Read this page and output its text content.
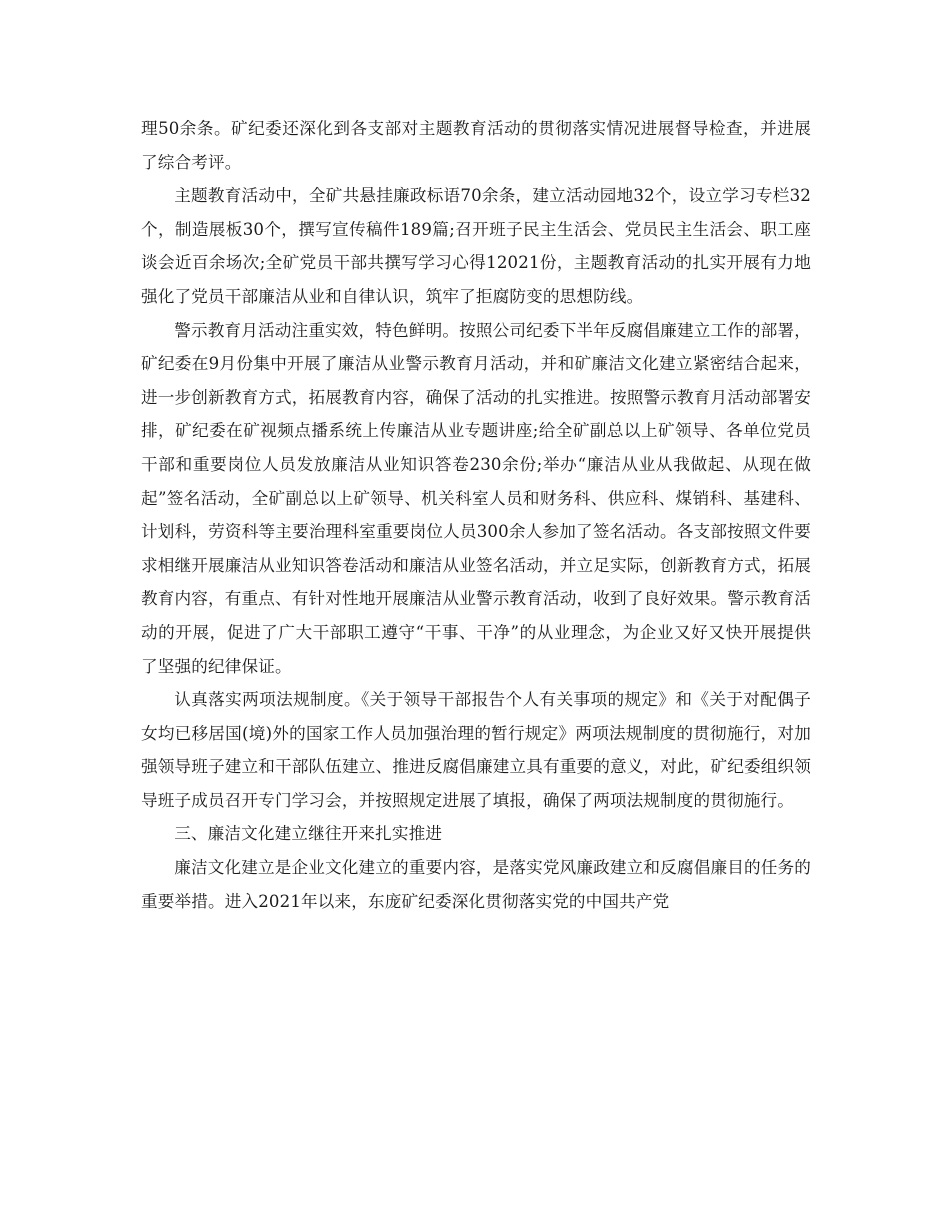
理50余条。矿纪委还深化到各支部对主题教育活动的贯彻落实情况进展督导检查，并进展了综合考评。

主题教育活动中，全矿共悬挂廉政标语70余条，建立活动园地32个，设立学习专栏32个，制造展板30个，撰写宣传稿件189篇;召开班子民主生活会、党员民主生活会、职工座谈会近百余场次;全矿党员干部共撰写学习心得12021份，主题教育活动的扎实开展有力地强化了党员干部廉洁从业和自律认识，筑牢了拒腐防变的思想防线。

警示教育月活动注重实效，特色鲜明。按照公司纪委下半年反腐倡廉建立工作的部署，矿纪委在9月份集中开展了廉洁从业警示教育月活动，并和矿廉洁文化建立紧密结合起来，进一步创新教育方式，拓展教育内容，确保了活动的扎实推进。按照警示教育月活动部署安排，矿纪委在矿视频点播系统上传廉洁从业专题讲座;给全矿副总以上矿领导、各单位党员干部和重要岗位人员发放廉洁从业知识答卷230余份;举办“廉洁从业从我做起、从现在做起”签名活动，全矿副总以上矿领导、机关科室人员和财务科、供应科、煤销科、基建科、计划科，劳资科等主要治理科室重要岗位人员300余人参加了签名活动。各支部按照文件要求相继开展廉洁从业知识答卷活动和廉洁从业签名活动，并立足实际，创新教育方式，拓展教育内容，有重点、有针对性地开展廉洁从业警示教育活动，收到了良好效果。警示教育活动的开展，促进了广大干部职工遵守“干事、干净”的从业理念，为企业又好又快开展提供了坚强的纪律保证。

认真落实两项法规制度。《关于领导干部报告个人有关事项的规定》和《关于对配偶子女均已移居国(境)外的国家工作人员加强治理的暂行规定》两项法规制度的贯彻施行，对加强领导班子建立和干部队伍建立、推进反腐倡廉建立具有重要的意义，对此，矿纪委组织领导班子成员召开专门学习会，并按照规定进展了填报，确保了两项法规制度的贯彻施行。

三、廉洁文化建立继往开来扎实推进

廉洁文化建立是企业文化建立的重要内容，是落实党风廉政建立和反腐倡廉目的任务的重要举措。进入2021年以来，东庞矿纪委深化贯彻落实党的中国共产党
